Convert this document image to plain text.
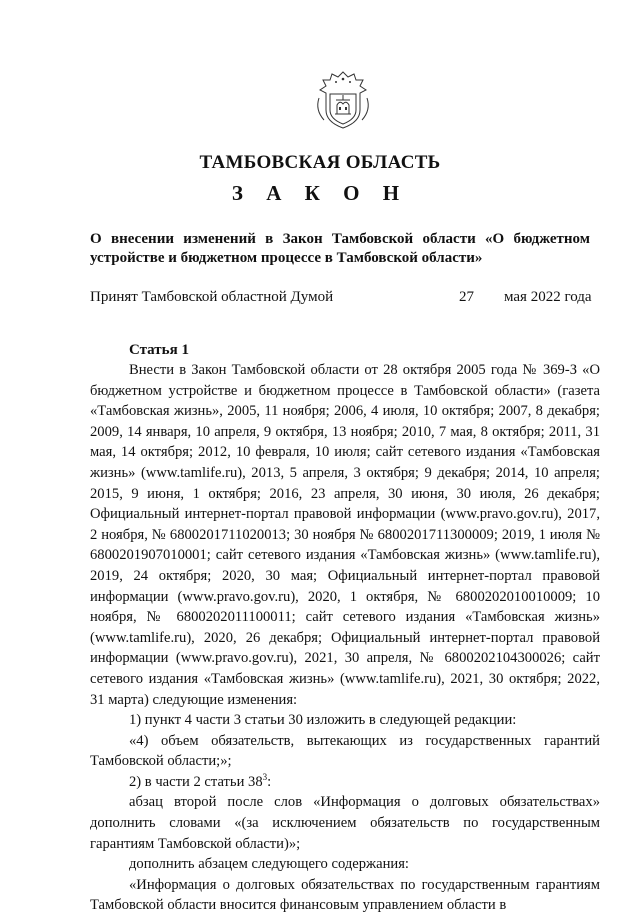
ТАМБОВСКАЯ ОБЛАСТЬ
З А К О Н
О внесении изменений в Закон Тамбовской области «О бюджетном устройстве и бюджетном процессе в Тамбовской области»
Принят Тамбовской областной Думой	27 мая 2022 года
Статья 1

Внести в Закон Тамбовской области от 28 октября 2005 года № 369-З «О бюджетном устройстве и бюджетном процессе в Тамбовской области» (газета «Тамбовская жизнь», 2005, 11 ноября; 2006, 4 июля, 10 октября; 2007, 8 декабря; 2009, 14 января, 10 апреля, 9 октября, 13 ноября; 2010, 7 мая, 8 октября; 2011, 31 мая, 14 октября; 2012, 10 февраля, 10 июля; сайт сетевого издания «Тамбовская жизнь» (www.tamlife.ru), 2013, 5 апреля, 3 октября; 9 декабря; 2014, 10 апреля; 2015, 9 июня, 1 октября; 2016, 23 апреля, 30 июня, 30 июля, 26 декабря; Официальный интернет-портал правовой информации (www.pravo.gov.ru), 2017, 2 ноября, № 6800201711020013; 30 ноября № 6800201711300009; 2019, 1 июля № 6800201907010001; сайт сетевого издания «Тамбовская жизнь» (www.tamlife.ru), 2019, 24 октября; 2020, 30 мая; Официальный интернет-портал правовой информации (www.pravo.gov.ru), 2020, 1 октября, № 6800202010010009; 10 ноября, № 6800202011100011; сайт сетевого издания «Тамбовская жизнь» (www.tamlife.ru), 2020, 26 декабря; Официальный интернет-портал правовой информации (www.pravo.gov.ru), 2021, 30 апреля, № 6800202104300026; сайт сетевого издания «Тамбовская жизнь» (www.tamlife.ru), 2021, 30 октября; 2022, 31 марта) следующие изменения:

1) пункт 4 части 3 статьи 30 изложить в следующей редакции:

«4) объем обязательств, вытекающих из государственных гарантий Тамбовской области;»;

2) в части 2 статьи $38^3$:

абзац второй после слов «Информация о долговых обязательствах» дополнить словами «(за исключением обязательств по государственным гарантиям Тамбовской области)»;

дополнить абзацем следующего содержания:

«Информация о долговых обязательствах по государственным гарантиям Тамбовской области вносится финансовым управлением области в
